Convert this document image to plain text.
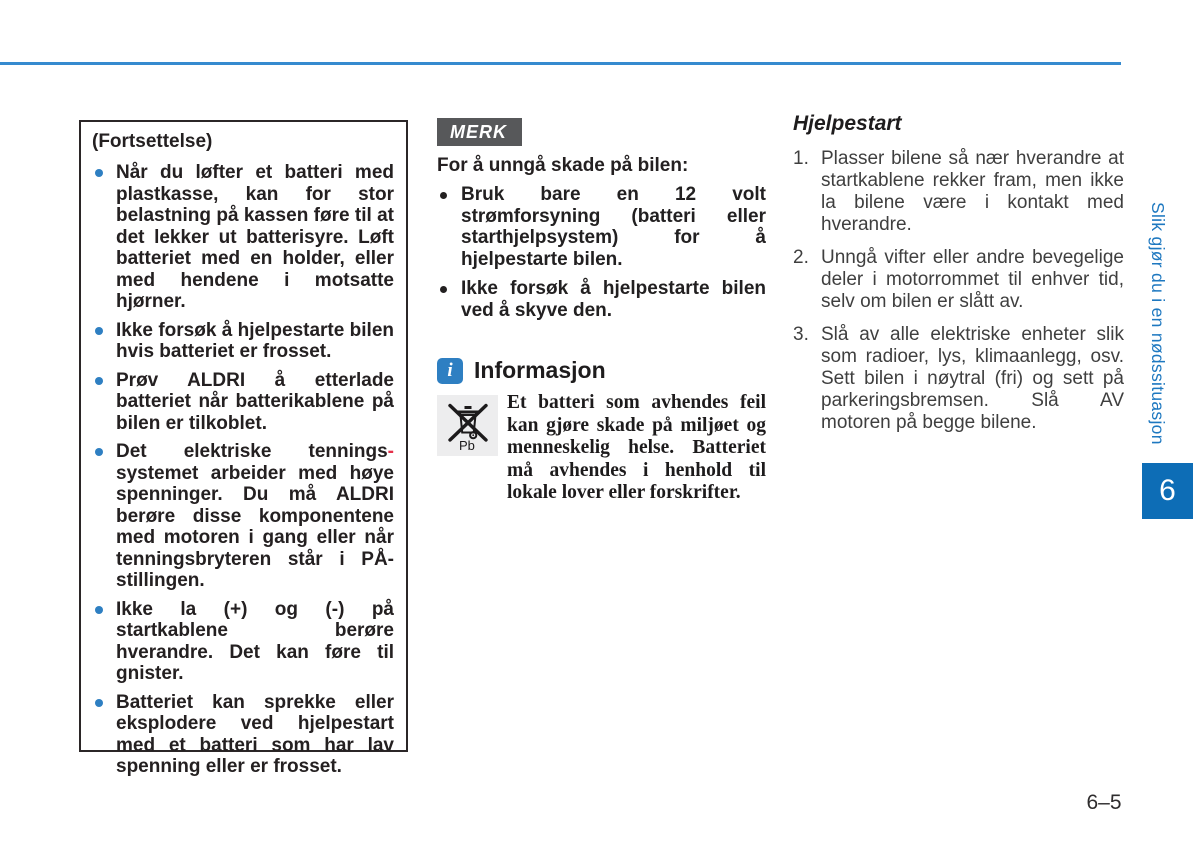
(Fortsettelse)

Når du løfter et batteri med plastkasse, kan for stor belastning på kassen føre til at det lekker ut batterisyre. Løft batteriet med en holder, eller med hendene i motsatte hjørner.

Ikke forsøk å hjelpestarte bilen hvis batteriet er frosset.

Prøv ALDRI å etterlade batteriet når batterikablene på bilen er tilkoblet.

Det elektriske tennings-systemet arbeider med høye spenninger. Du må ALDRI berøre disse komponentene med motoren i gang eller når tenningsbryteren står i PÅ-stillingen.

Ikke la (+) og (-) på startkablene berøre hverandre. Det kan føre til gnister.

Batteriet kan sprekke eller eksplodere ved hjelpestart med et batteri som har lav spenning eller er frosset.

MERK

For å unngå skade på bilen:

Bruk bare en 12 volt strømforsyning (batteri eller starthjelpsystem) for å hjelpestarte bilen.

Ikke forsøk å hjelpestarte bilen ved å skyve den.

i Informasjon
Pb

Et batteri som avhendes feil kan gjøre skade på miljøet og menneskelig helse. Batteriet må avhendes i henhold til lokale lover eller forskrifter.

Hjelpestart
1. Plasser bilene så nær hverandre at startkablene rekker fram, men ikke la bilene være i kontakt med hverandre.

2. Unngå vifter eller andre bevegelige deler i motorrommet til enhver tid, selv om bilen er slått av.

3. Slå av alle elektriske enheter slik som radioer, lys, klimaanlegg, osv. Sett bilen i nøytral (fri) og sett på parkeringsbremsen. Slå AV motoren på begge bilene.	Slik gjør du i en nødssituasjon
6
6–5
